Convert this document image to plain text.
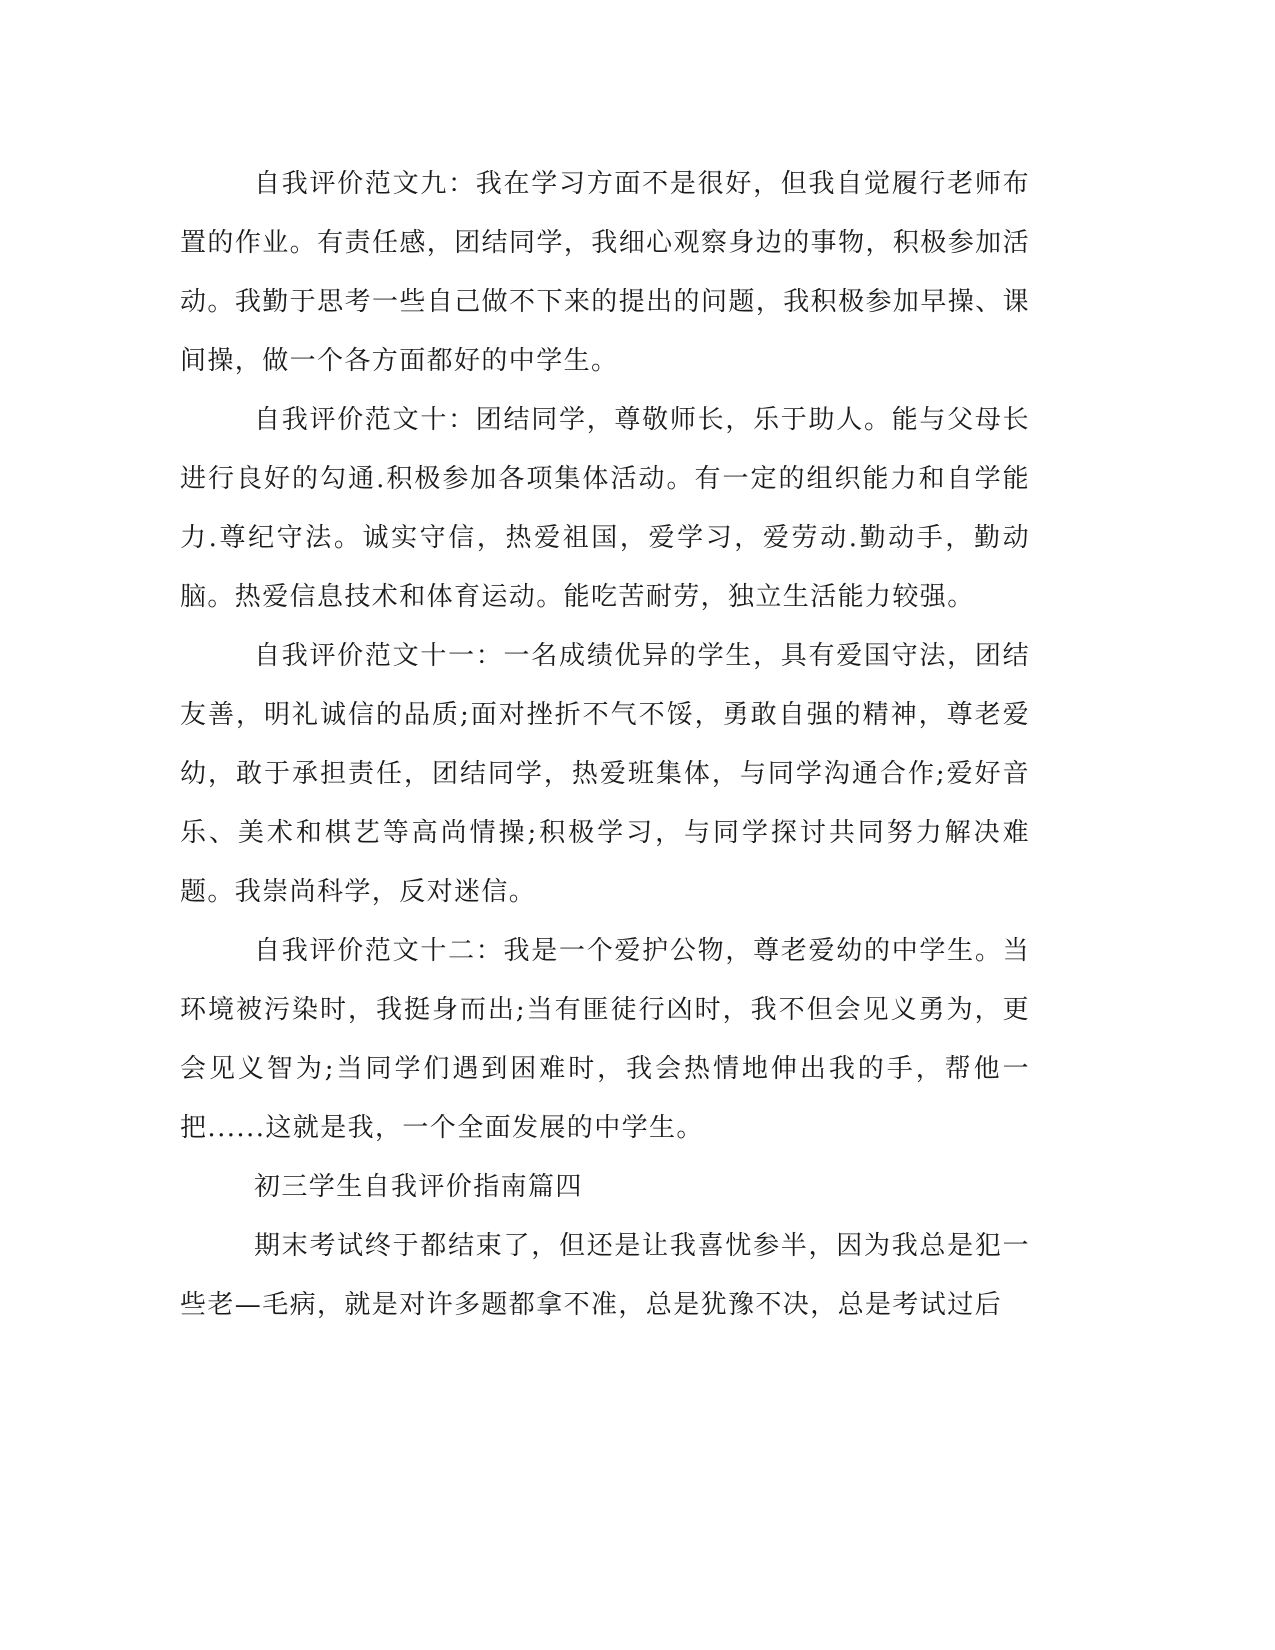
自我评价范文九：我在学习方面不是很好，但我自觉履行老师布置的作业。有责任感，团结同学，我细心观察身边的事物，积极参加活动。我勤于思考一些自己做不下来的提出的问题，我积极参加早操、课间操，做一个各方面都好的中学生。

自我评价范文十：团结同学，尊敬师长，乐于助人。能与父母长进行良好的勾通.积极参加各项集体活动。有一定的组织能力和自学能力.尊纪守法。诚实守信，热爱祖国，爱学习，爱劳动.勤动手，勤动脑。热爱信息技术和体育运动。能吃苦耐劳，独立生活能力较强。

自我评价范文十一：一名成绩优异的学生，具有爱国守法，团结友善，明礼诚信的品质;面对挫折不气不馁，勇敢自强的精神，尊老爱幼，敢于承担责任，团结同学，热爱班集体，与同学沟通合作;爱好音乐、美术和棋艺等高尚情操;积极学习，与同学探讨共同努力解决难题。我崇尚科学，反对迷信。

自我评价范文十二：我是一个爱护公物，尊老爱幼的中学生。当环境被污染时，我挺身而出;当有匪徒行凶时，我不但会见义勇为，更会见义智为;当同学们遇到困难时，我会热情地伸出我的手，帮他一把......这就是我，一个全面发展的中学生。

初三学生自我评价指南篇四

期末考试终于都结束了，但还是让我喜忧参半，因为我总是犯一些老—毛病，就是对许多题都拿不准，总是犹豫不决，总是考试过后
